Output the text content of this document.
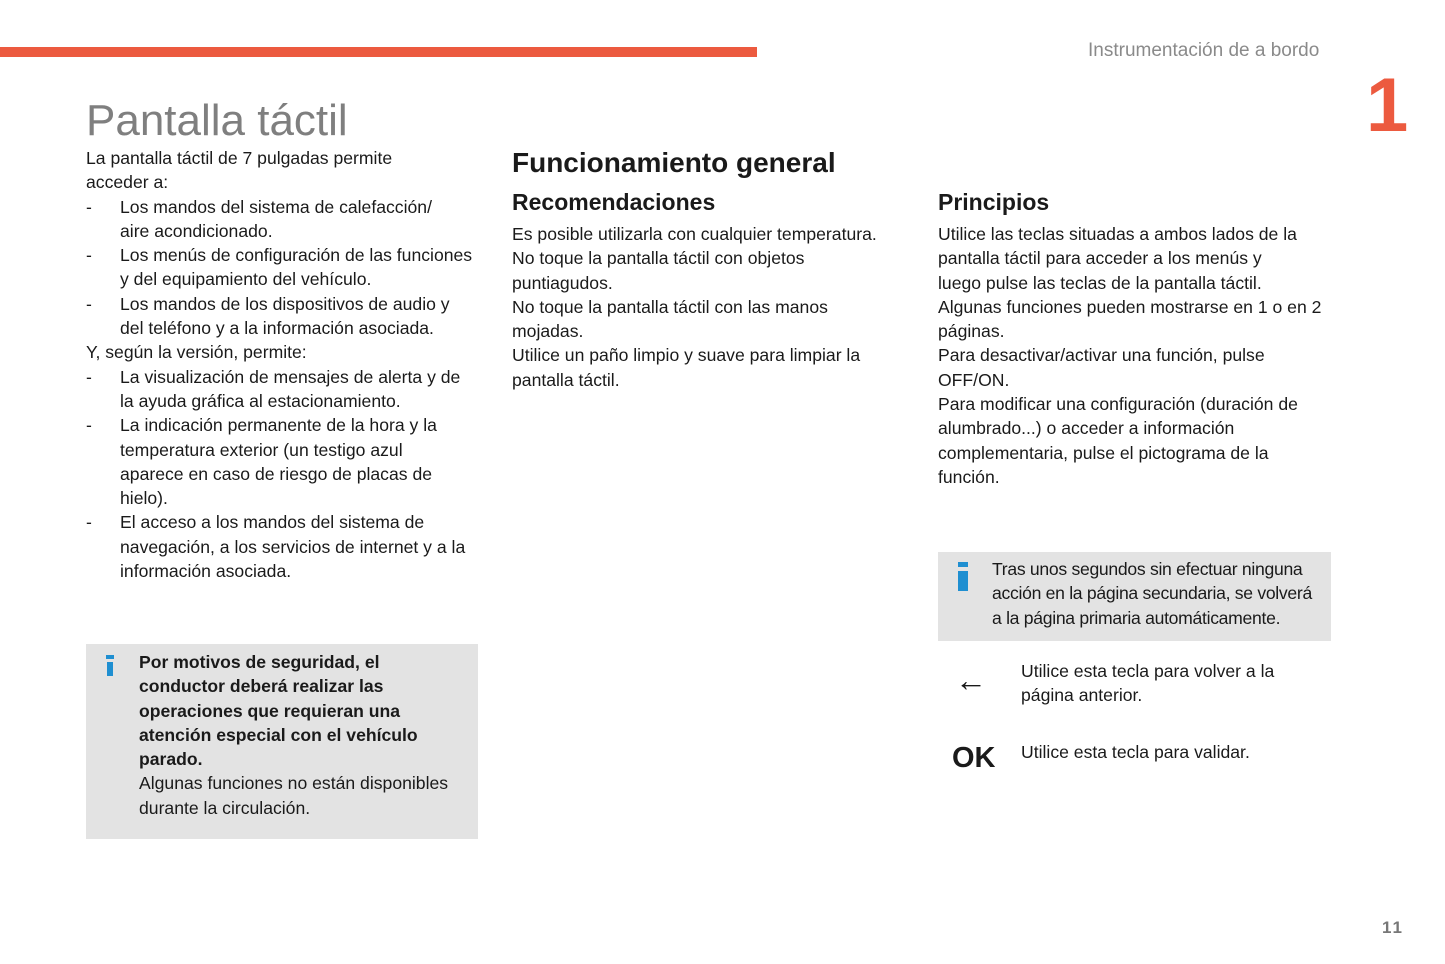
Instrumentación de a bordo
1
Pantalla táctil

La pantalla táctil de 7 pulgadas permite acceder a:

-	Los mandos del sistema de calefacción/ aire acondicionado.
-	Los menús de configuración de las funciones y del equipamiento del vehículo.
-	Los mandos de los dispositivos de audio y del teléfono y a la información asociada.

Y, según la versión, permite:

-	La visualización de mensajes de alerta y de la ayuda gráfica al estacionamiento.
-	La indicación permanente de la hora y la temperatura exterior (un testigo azul aparece en caso de riesgo de placas de hielo).
-	El acceso a los mandos del sistema de navegación, a los servicios de internet y a la información asociada.

Por motivos de seguridad, el conductor deberá realizar las operaciones que requieran una atención especial con el vehículo parado.

Algunas funciones no están disponibles durante la circulación.

Funcionamiento general
Recomendaciones

Es posible utilizarla con cualquier temperatura.

No toque la pantalla táctil con objetos puntiagudos.

No toque la pantalla táctil con las manos mojadas.

Utilice un paño limpio y suave para limpiar la pantalla táctil.

Principios

Utilice las teclas situadas a ambos lados de la pantalla táctil para acceder a los menús y luego pulse las teclas de la pantalla táctil.

Algunas funciones pueden mostrarse en 1 o en 2 páginas.

Para desactivar/activar una función, pulse OFF/ON.

Para modificar una configuración (duración de alumbrado...) o acceder a información complementaria, pulse el pictograma de la función.

Tras unos segundos sin efectuar ninguna acción en la página secundaria, se volverá a la página primaria automáticamente.

← Utilice esta tecla para volver a la página anterior.

OK Utilice esta tecla para validar.

11
